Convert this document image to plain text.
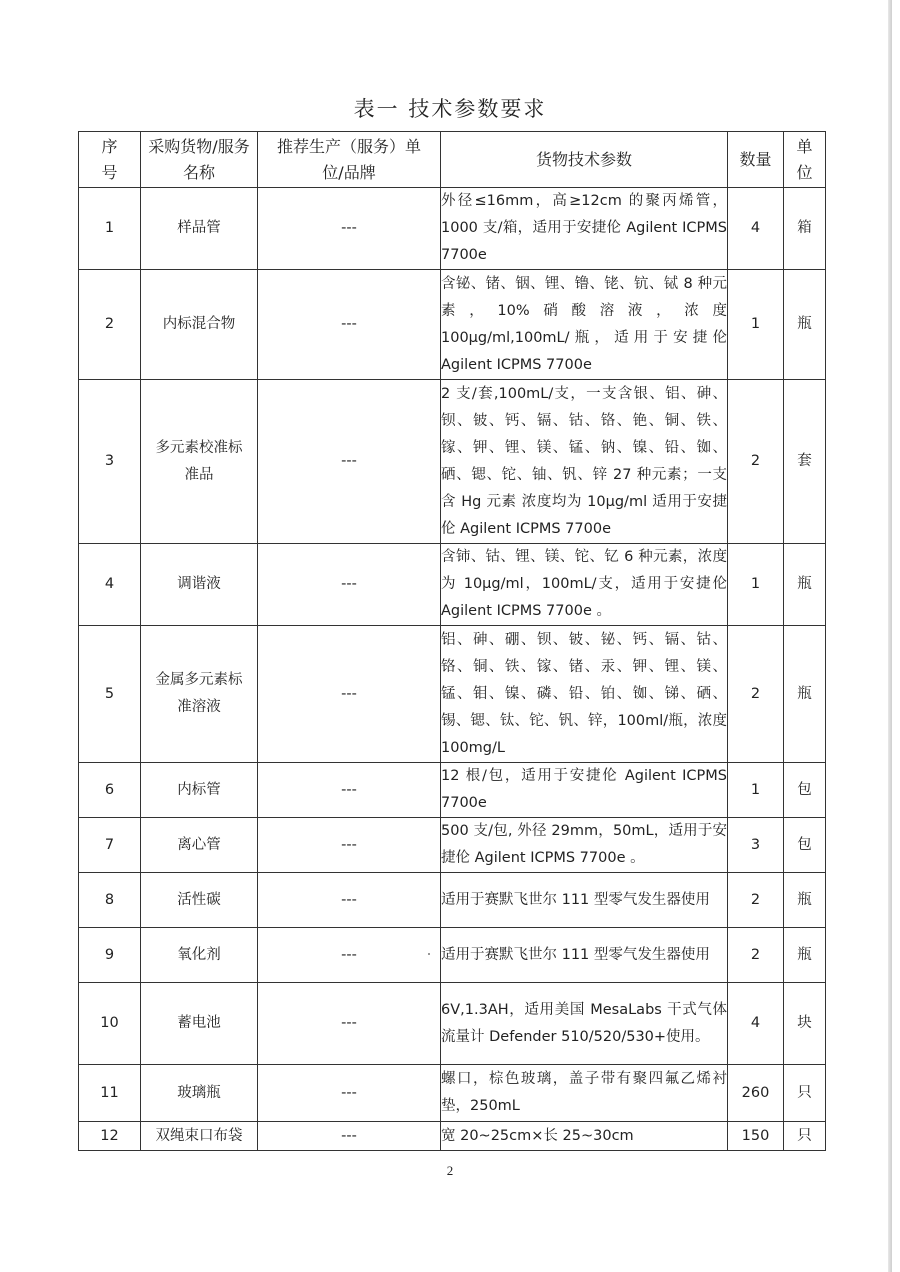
表一 技术参数要求
序号	采购货物/服务名称	推荐生产（服务）单位/品牌	货物技术参数	数量	单位
1	样品管	---	外径≤16mm，高≥12cm 的聚丙烯管，1000 支/箱，适用于安捷伦 Agilent ICPMS 7700e	4	箱
2	内标混合物	---	含铋、锗、铟、锂、镥、铑、钪、铽 8 种元素，10%硝酸溶液，浓度 100μg/ml,100mL/瓶，适用于安捷伦 Agilent ICPMS 7700e	1	瓶
3	多元素校准标准品	---	2 支/套,100mL/支，一支含银、铝、砷、钡、铍、钙、镉、钴、铬、铯、铜、铁、镓、钾、锂、镁、锰、钠、镍、铅、铷、硒、锶、铊、铀、钒、锌 27 种元素；一支含 Hg 元素 浓度均为 10μg/ml 适用于安捷伦 Agilent ICPMS 7700e	2	套
4	调谐液	---	含铈、钴、锂、镁、铊、钇 6 种元素，浓度为 10μg/ml，100mL/支，适用于安捷伦 Agilent ICPMS 7700e 。	1	瓶
5	金属多元素标准溶液	---	铝、砷、硼、钡、铍、铋、钙、镉、钴、铬、铜、铁、镓、锗、汞、钾、锂、镁、锰、钼、镍、磷、铅、铂、铷、锑、硒、锡、锶、钛、铊、钒、锌，100ml/瓶，浓度 100mg/L	2	瓶
6	内标管	---	12 根/包，适用于安捷伦 Agilent ICPMS 7700e	1	包
7	离心管	---	500 支/包, 外径 29mm，50mL，适用于安捷伦 Agilent ICPMS 7700e 。	3	包
8	活性碳	---	适用于赛默飞世尔 111 型零气发生器使用	2	瓶
9	氧化剂	---	适用于赛默飞世尔 111 型零气发生器使用	2	瓶
10	蓄电池	---	6V,1.3AH，适用美国 MesaLabs 干式气体流量计 Defender 510/520/530+使用。	4	块
11	玻璃瓶	---	螺口，棕色玻璃，盖子带有聚四氟乙烯衬垫，250mL	260	只
12	双绳束口布袋	---	宽 20~25cm×长 25~30cm	150	只
2
